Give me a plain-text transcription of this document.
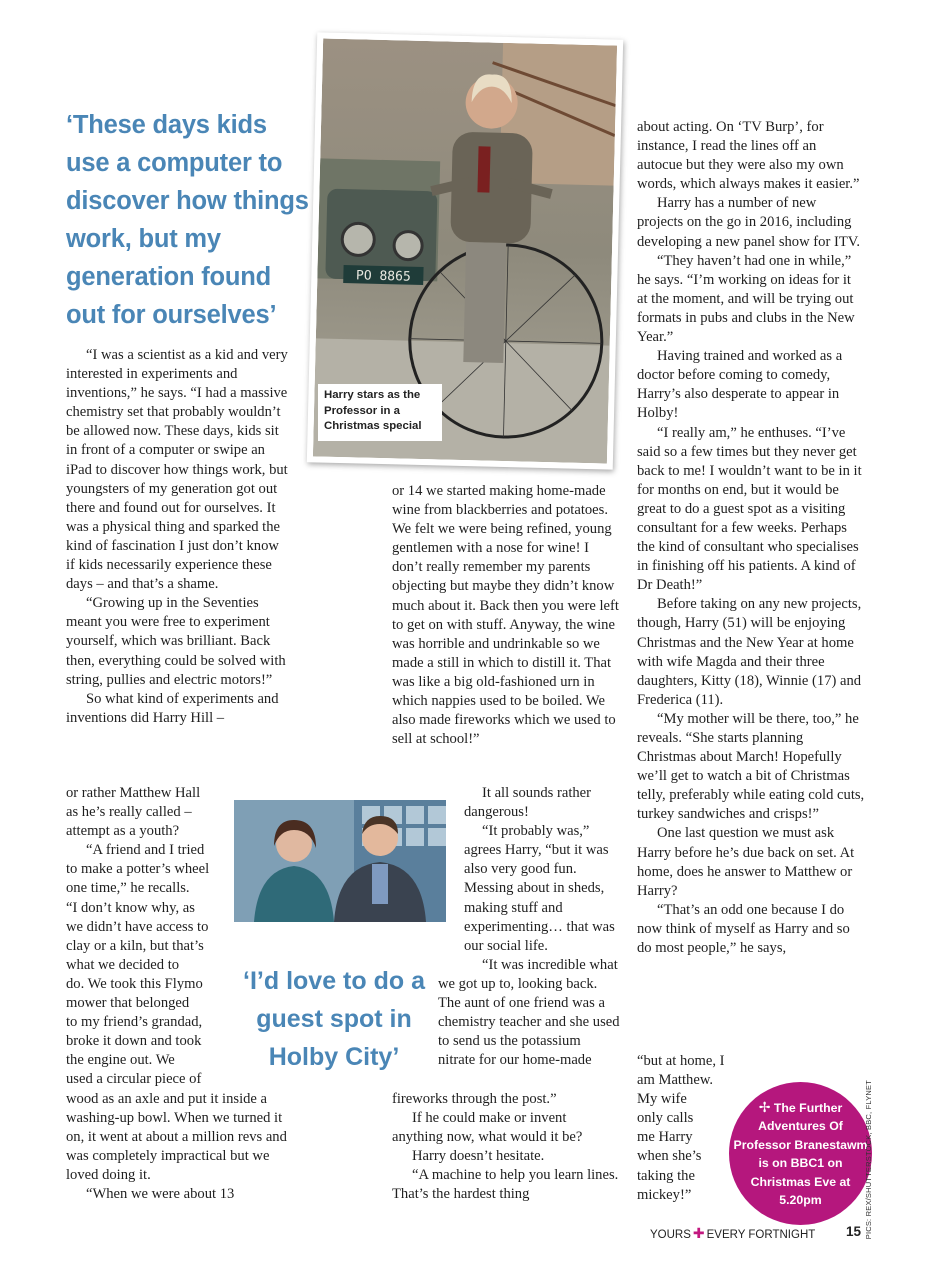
‘These days kids use a computer to discover how things work, but my generation found out for ourselves’

PO 8865
Harry stars as the Professor in a Christmas special

“I was a scientist as a kid and very interested in experiments and inventions,” he says. “I had a massive chemistry set that probably wouldn’t be allowed now. These days, kids sit in front of a computer or swipe an iPad to discover how things work, but youngsters of my generation got out there and found out for ourselves. It was a physical thing and sparked the kind of fascination I just don’t know if kids necessarily experience these days – and that’s a shame.

“Growing up in the Seventies meant you were free to experiment yourself, which was brilliant. Back then, everything could be solved with string, pullies and electric motors!”

So what kind of experiments and inventions did Harry Hill –

or rather Matthew Hall

as he’s really called –

attempt as a youth?

“A friend and I tried

to make a potter’s wheel

one time,” he recalls.

“I don’t know why, as

we didn’t have access to

clay or a kiln, but that’s

what we decided to

do. We took this Flymo

mower that belonged

to my friend’s grandad,

broke it down and took

the engine out. We

used a circular piece of

wood as an axle and put it inside a washing-up bowl. When we turned it on, it went at about a million revs and was completely impractical but we loved doing it.

“When we were about 13

‘I’d love to do a guest spot in Holby City’

or 14 we started making home-made wine from blackberries and potatoes. We felt we were being refined, young gentlemen with a nose for wine! I don’t really remember my parents objecting but maybe they didn’t know much about it. Back then you were left to get on with stuff. Anyway, the wine was horrible and undrinkable so we made a still in which to distill it. That was like a big old-fashioned urn in which nappies used to be boiled. We also made fireworks which we used to sell at school!”

It all sounds rather dangerous!

“It probably was,” agrees Harry, “but it was also very good fun. Messing about in sheds, making stuff and experimenting… that was our social life.

“It was incredible what we got up to, looking back. The aunt of one friend was a chemistry teacher and she used to send us the potassium nitrate for our home-made

fireworks through the post.”

If he could make or invent anything now, what would it be?

Harry doesn’t hesitate.

“A machine to help you learn lines. That’s the hardest thing

about acting. On ‘TV Burp’, for instance, I read the lines off an autocue but they were also my own words, which always makes it easier.”

Harry has a number of new projects on the go in 2016, including developing a new panel show for ITV.

“They haven’t had one in while,” he says. “I’m working on ideas for it at the moment, and will be trying out formats in pubs and clubs in the New Year.”

Having trained and worked as a doctor before coming to comedy, Harry’s also desperate to appear in Holby!

“I really am,” he enthuses. “I’ve said so a few times but they never get back to me! I wouldn’t want to be in it for months on end, but it would be great to do a guest spot as a visiting consultant for a few weeks. Perhaps the kind of consultant who specialises in finishing off his patients. A kind of Dr Death!”

Before taking on any new projects, though, Harry (51) will be enjoying Christmas and the New Year at home with wife Magda and their three daughters, Kitty (18), Winnie (17) and Frederica (11).

“My mother will be there, too,” he reveals. “She starts planning Christmas about March! Hopefully we’ll get to watch a bit of Christmas telly, preferably while eating cold cuts, turkey sandwiches and crisps!”

One last question we must ask Harry before he’s due back on set. At home, does he answer to Matthew or Harry?

“That’s an odd one because I do now think of myself as Harry and so do most people,” he says,

“but at home, I

am Matthew.

My wife

only calls

me Harry

when she’s

taking the

mickey!”

✢ The Further Adventures Of Professor Branestawm is on BBC1 on Christmas Eve at 5.20pm	PICS: REX/SHUTTERSTOCK, BBC, FLYNET
YOURS ✚ EVERY FORTNIGHT 15
